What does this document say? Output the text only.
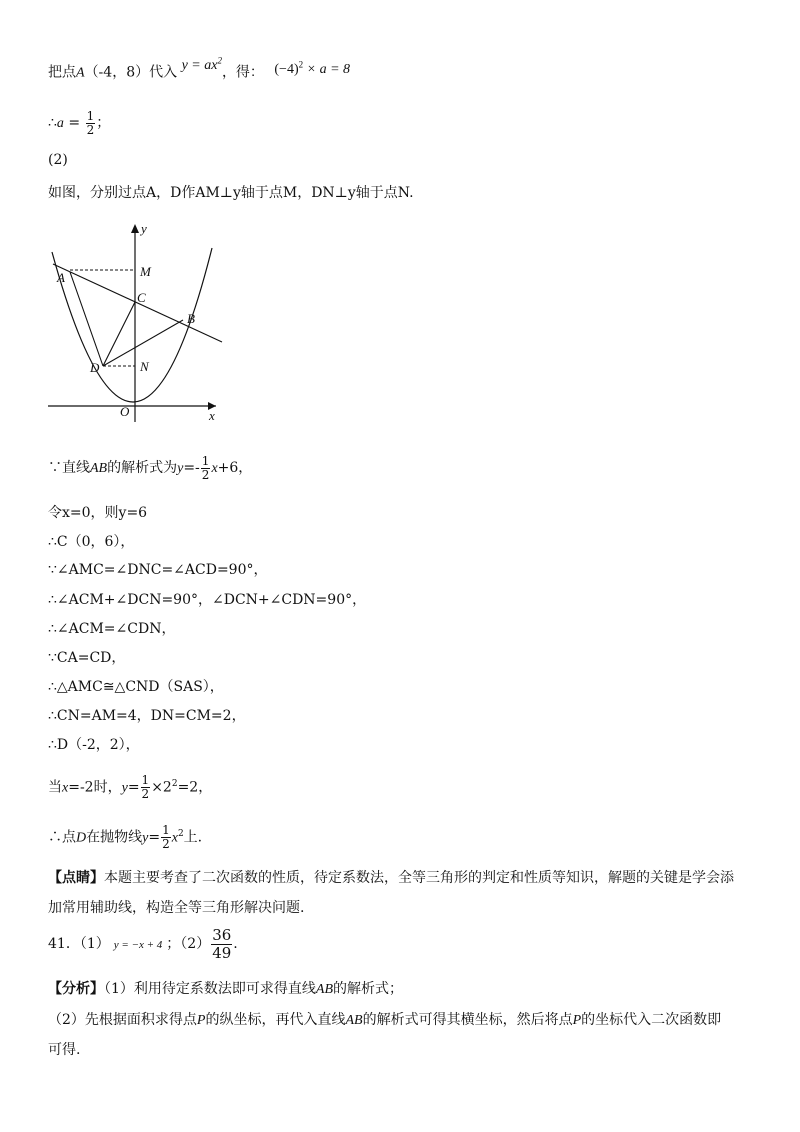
把点A（-4，8）代入 $y = ax^2$，得： $(-4)^2 \times a = 8$
∴a = $\frac{1}{2}$ ；
(2)
如图，分别过点A，D作AM⊥y轴于点M，DN⊥y轴于点N.
y
x
O
A	M
C
B
D	N
∵直线AB的解析式为$y=- \frac{1}{2} x+6$，
令x=0，则y=6
∴C（0，6），
∵∠AMC=∠DNC=∠ACD=90°，
∴∠ACM+∠DCN=90°，∠DCN+∠CDN=90°，
∴∠ACM=∠CDN，
∵CA=CD，
∴△AMC≅△CND（SAS），
∴CN=AM=4，DN=CM=2，
∴D（-2，2），
当x=-2时，$y= \frac{1}{2} \times 2^2=2$，
∴点D在抛物线$y= \frac{1}{2} x^2$上.
【点睛】本题主要考查了二次函数的性质，待定系数法，全等三角形的判定和性质等知识，解题的关键是学会添
加常用辅助线，构造全等三角形解决问题.
41．（1） y = −x + 4 ；$(2) \frac{36}{49}$ .
【分析】（1）利用待定系数法即可求得直线AB的解析式；
（2）先根据面积求得点P的纵坐标，再代入直线AB的解析式可得其横坐标，然后将点P的坐标代入二次函数即
可得.
